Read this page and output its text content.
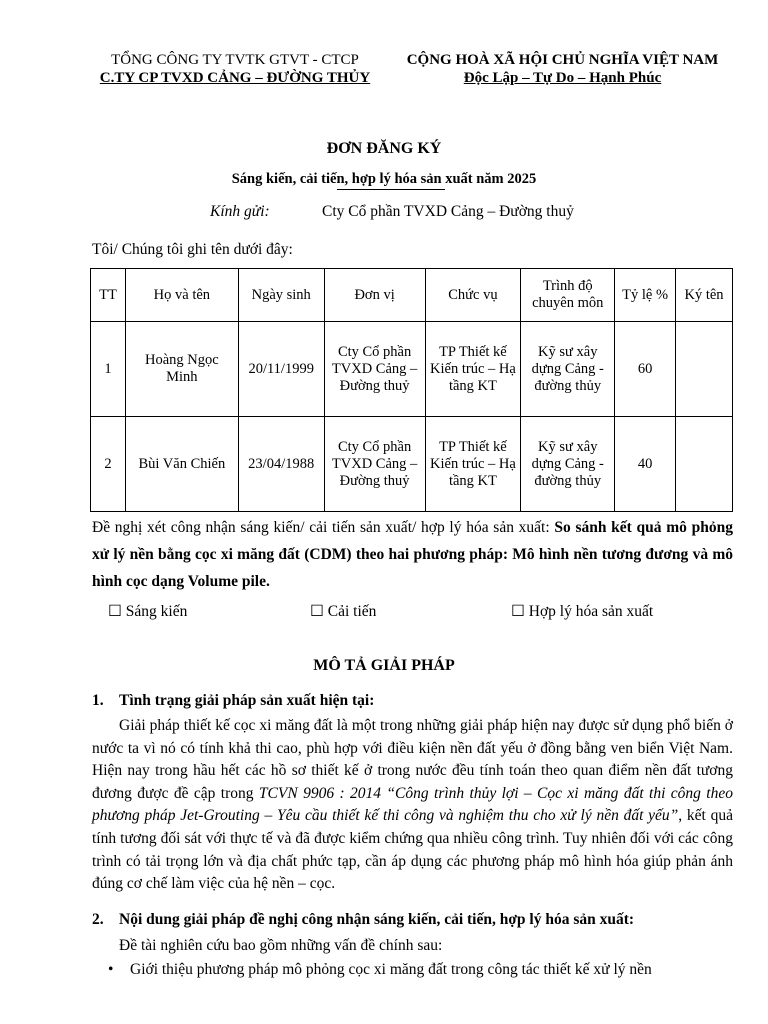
TỔNG CÔNG TY TVTK GTVT - CTCP
C.TY CP TVXD CẢNG – ĐƯỜNG THỦY
CỘNG HOÀ XÃ HỘI CHỦ NGHĨA VIỆT NAM
Độc Lập – Tự Do – Hạnh Phúc
ĐƠN ĐĂNG KÝ
Sáng kiến, cải tiến, hợp lý hóa sản xuất năm 2025
Kính gửi:	Cty Cổ phần TVXD Cảng – Đường thuỷ
Tôi/ Chúng tôi ghi tên dưới đây:
TT	Họ và tên	Ngày sinh	Đơn vị	Chức vụ	Trình độ chuyên môn	Tỷ lệ %	Ký tên
1	Hoàng Ngọc Minh	20/11/1999	Cty Cổ phần TVXD Cảng – Đường thuỷ	TP Thiết kế Kiến trúc – Hạ tầng KT	Kỹ sư xây dựng Cảng - đường thủy	60	
2	Bùi Văn Chiến	23/04/1988	Cty Cổ phần TVXD Cảng – Đường thuỷ	TP Thiết kế Kiến trúc – Hạ tầng KT	Kỹ sư xây dựng Cảng - đường thủy	40	
Đề nghị xét công nhận sáng kiến/ cải tiến sản xuất/ hợp lý hóa sản xuất: So sánh kết quả mô phỏng xử lý nền bằng cọc xi măng đất (CDM) theo hai phương pháp: Mô hình nền tương đương và mô hình cọc dạng Volume pile.
☐ Sáng kiến	☐ Cải tiến	☐ Hợp lý hóa sản xuất
MÔ TẢ GIẢI PHÁP
1. Tình trạng giải pháp sản xuất hiện tại:
Giải pháp thiết kế cọc xi măng đất là một trong những giải pháp hiện nay được sử dụng phổ biến ở nước ta vì nó có tính khả thi cao, phù hợp với điều kiện nền đất yếu ở đồng bằng ven biển Việt Nam. Hiện nay trong hầu hết các hồ sơ thiết kế ở trong nước đều tính toán theo quan điểm nền đất tương đương được đề cập trong TCVN 9906 : 2014 “Công trình thủy lợi – Cọc xi măng đất thi công theo phương pháp Jet-Grouting – Yêu cầu thiết kế thi công và nghiệm thu cho xử lý nền đất yếu”, kết quả tính tương đối sát với thực tế và đã được kiểm chứng qua nhiều công trình. Tuy nhiên đối với các công trình có tải trọng lớn và địa chất phức tạp, cần áp dụng các phương pháp mô hình hóa giúp phản ánh đúng cơ chế làm việc của hệ nền – cọc.
2. Nội dung giải pháp đề nghị công nhận sáng kiến, cải tiến, hợp lý hóa sản xuất:
Đề tài nghiên cứu bao gồm những vấn đề chính sau:
• Giới thiệu phương pháp mô phỏng cọc xi măng đất trong công tác thiết kế xử lý nền
